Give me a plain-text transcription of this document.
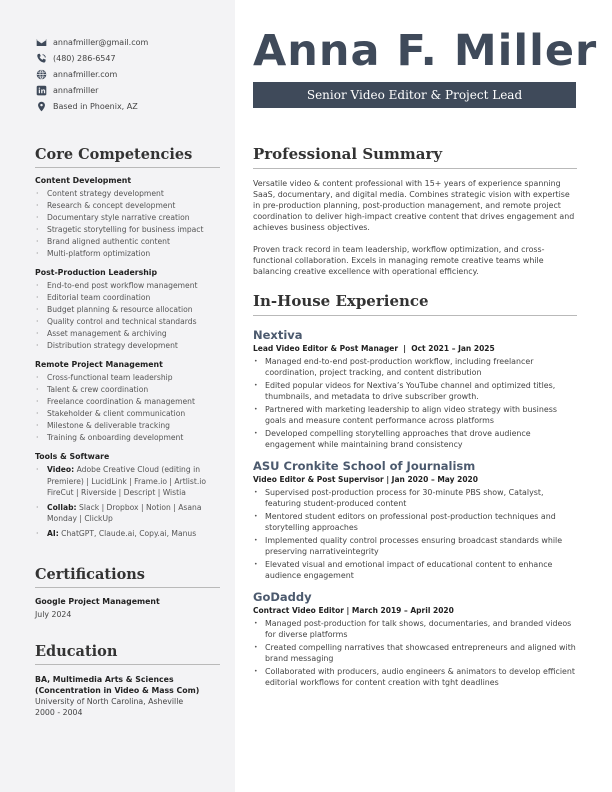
annafmiller@gmail.com
(480) 286-6547
annafmiller.com
annafmiller
Based in Phoenix, AZ
Core Competencies
Content Development
· Content strategy development
· Research & concept development
· Documentary style narrative creation
· Stragetic storytelling for business impact
· Brand aligned authentic content
· Multi-platform optimization
Post-Production Leadership
· End-to-end post workflow management
· Editorial team coordination
· Budget planning & resource allocation
· Quality control and technical standards
· Asset management & archiving
· Distribution strategy development
Remote Project Management
· Cross-functional team leadership
· Talent & crew coordination
· Freelance coordination & management
· Stakeholder & client communication
· Milestone & deliverable tracking
· Training & onboarding development
Tools & Software
· Video: Adobe Creative Cloud (editing in Premiere) | LucidLink | Frame.io | Artlist.io FireCut | Riverside | Descript | Wistia
· Collab: Slack | Dropbox | Notion | Asana Monday | ClickUp
· AI: ChatGPT, Claude.ai, Copy.ai, Manus
Certifications
Google Project Management
July 2024
Education
BA, Multimedia Arts & Sciences
(Concentration in Video & Mass Com)
University of North Carolina, Asheville
2000 - 2004
Anna F. Miller
Senior Video Editor & Project Lead
Professional Summary

Versatile video & content professional with 15+ years of experience spanning SaaS, documentary, and digital media. Combines strategic vision with expertise in pre-production planning, post-production management, and remote project coordination to deliver high-impact creative content that drives engagement and achieves business objectives.

Proven track record in team leadership, workflow optimization, and cross-functional collaboration. Excels in managing remote creative teams while balancing creative excellence with operational efficiency.

In-House Experience
Nextiva
Lead Video Editor & Post Manager  |  Oct 2021 – Jan 2025
• Managed end-to-end post-production workflow, including freelancer coordination, project tracking, and content distribution
• Edited popular videos for Nextiva’s YouTube channel and optimized titles, thumbnails, and metadata to drive subscriber growth.
• Partnered with marketing leadership to align video strategy with business goals and measure content performance across platforms
• Developed compelling storytelling approaches that drove audience engagement while maintaining brand consistency
ASU Cronkite School of Journalism
Video Editor & Post Supervisor | Jan 2020 – May 2020
• Supervised post-production process for 30-minute PBS show, Catalyst, featuring student-produced content
• Mentored student editors on professional post-production techniques and storytelling approaches
• Implemented quality control processes ensuring broadcast standards while preserving narrativeintegrity
• Elevated visual and emotional impact of educational content to enhance audience engagement
GoDaddy
Contract Video Editor | March 2019 – April 2020
• Managed post-production for talk shows, documentaries, and branded videos for diverse platforms
• Created compelling narratives that showcased entrepreneurs and aligned with brand messaging
• Collaborated with producers, audio engineers & animators to develop efficient editorial workflows for content creation with tght deadlines
